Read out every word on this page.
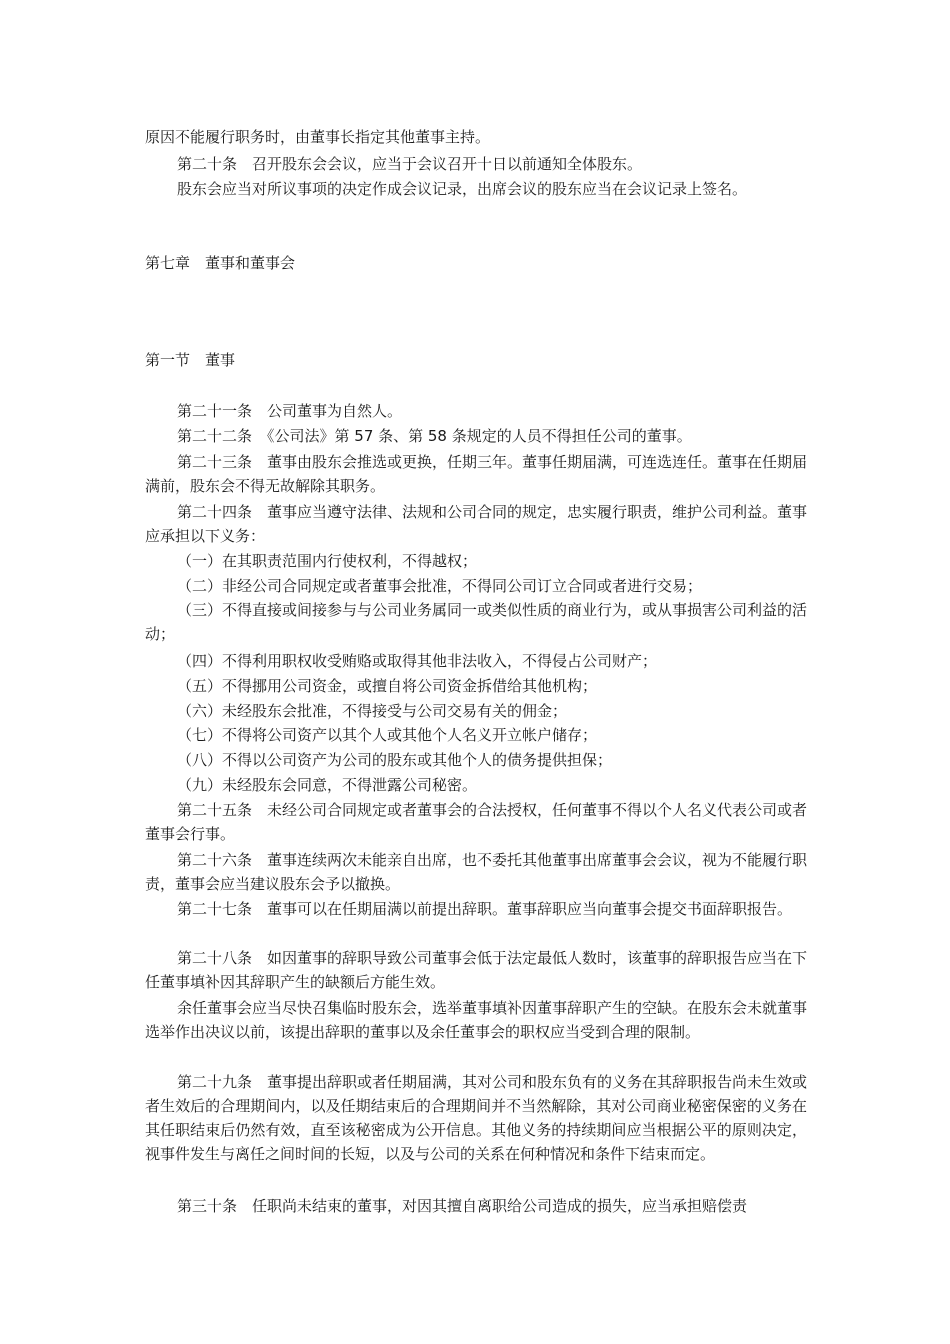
原因不能履行职务时，由董事长指定其他董事主持。

第二十条　召开股东会会议，应当于会议召开十日以前通知全体股东。

股东会应当对所议事项的决定作成会议记录，出席会议的股东应当在会议记录上签名。

第七章　董事和董事会
第一节　董事

第二十一条　公司董事为自然人。

第二十二条　《公司法》第 57 条、第 58 条规定的人员不得担任公司的董事。

第二十三条　董事由股东会推选或更换，任期三年。董事任期届满，可连选连任。董事在任期届满前，股东会不得无故解除其职务。

第二十四条　董事应当遵守法律、法规和公司合同的规定，忠实履行职责，维护公司利益。董事应承担以下义务：

（一）在其职责范围内行使权利，不得越权；

（二）非经公司合同规定或者董事会批准，不得同公司订立合同或者进行交易；

（三）不得直接或间接参与与公司业务属同一或类似性质的商业行为，或从事损害公司利益的活动；

（四）不得利用职权收受贿赂或取得其他非法收入，不得侵占公司财产；

（五）不得挪用公司资金，或擅自将公司资金拆借给其他机构；

（六）未经股东会批准，不得接受与公司交易有关的佣金；

（七）不得将公司资产以其个人或其他个人名义开立帐户储存；

（八）不得以公司资产为公司的股东或其他个人的债务提供担保；

（九）未经股东会同意，不得泄露公司秘密。

第二十五条　未经公司合同规定或者董事会的合法授权，任何董事不得以个人名义代表公司或者董事会行事。

第二十六条　董事连续两次未能亲自出席，也不委托其他董事出席董事会会议，视为不能履行职责，董事会应当建议股东会予以撤换。

第二十七条　董事可以在任期届满以前提出辞职。董事辞职应当向董事会提交书面辞职报告。

第二十八条　如因董事的辞职导致公司董事会低于法定最低人数时，该董事的辞职报告应当在下任董事填补因其辞职产生的缺额后方能生效。

余任董事会应当尽快召集临时股东会，选举董事填补因董事辞职产生的空缺。在股东会未就董事选举作出决议以前，该提出辞职的董事以及余任董事会的职权应当受到合理的限制。

第二十九条　董事提出辞职或者任期届满，其对公司和股东负有的义务在其辞职报告尚未生效或者生效后的合理期间内，以及任期结束后的合理期间并不当然解除，其对公司商业秘密保密的义务在其任职结束后仍然有效，直至该秘密成为公开信息。其他义务的持续期间应当根据公平的原则决定，视事件发生与离任之间时间的长短，以及与公司的关系在何种情况和条件下结束而定。

第三十条　任职尚未结束的董事，对因其擅自离职给公司造成的损失，应当承担赔偿责
